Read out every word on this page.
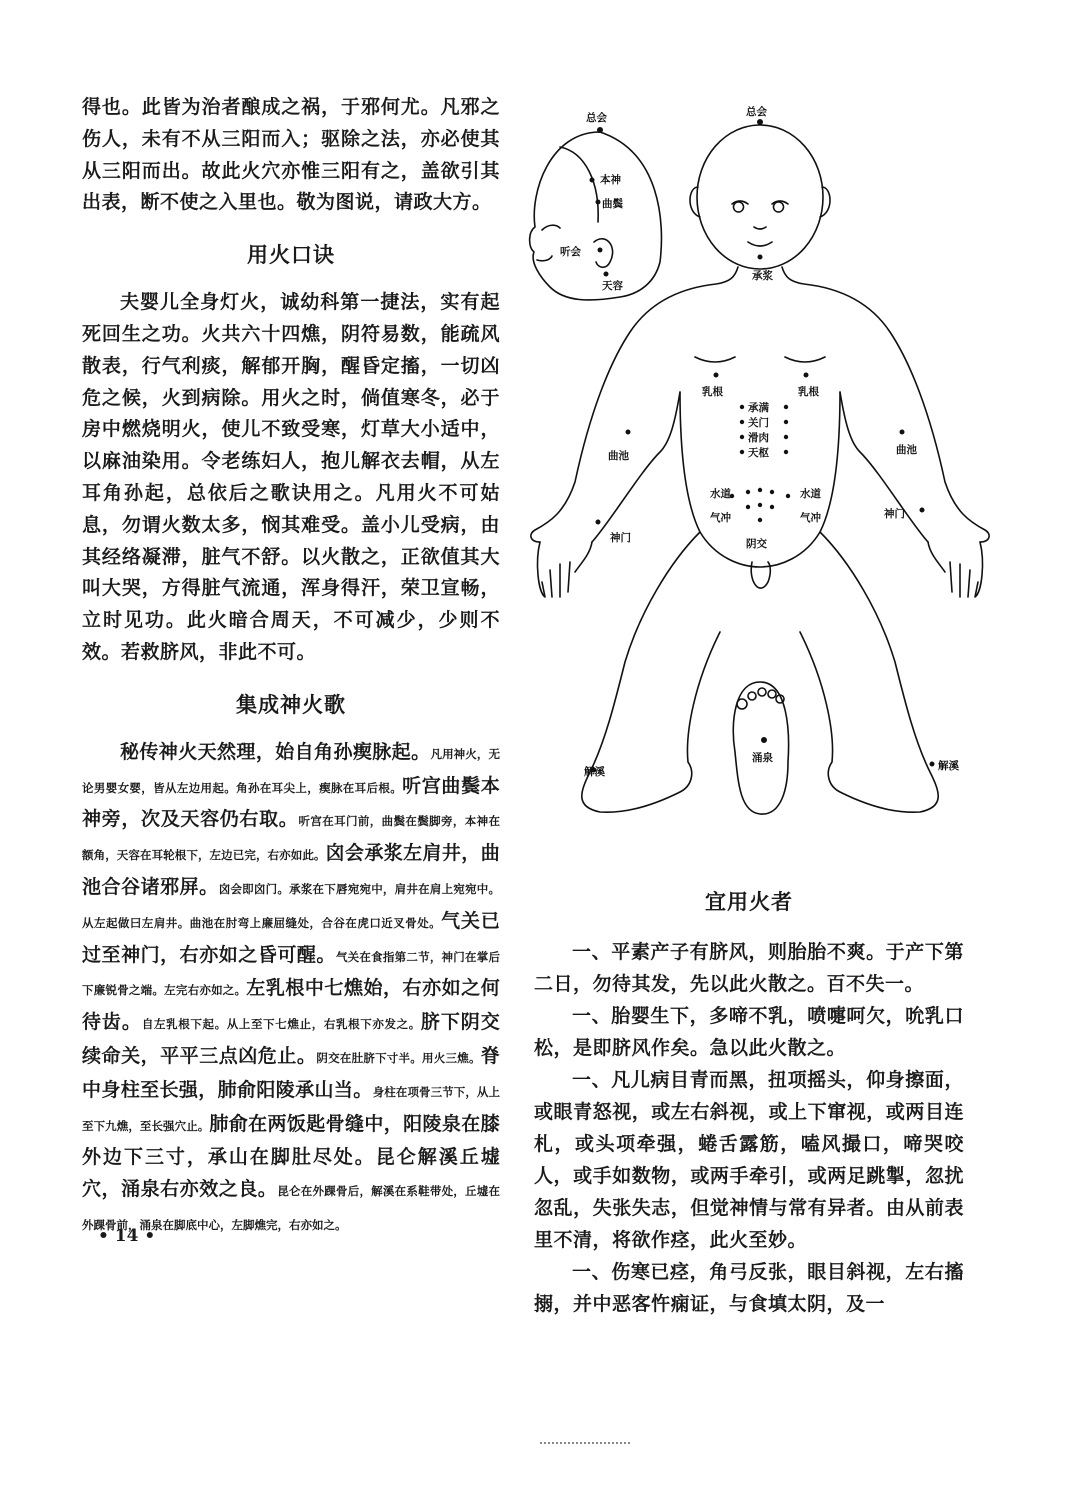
得也。此皆为治者酿成之祸，于邪何尤。凡邪之伤人，未有不从三阳而入；驱除之法，亦必使其从三阳而出。故此火穴亦惟三阳有之，盖欲引其出表，断不使之入里也。敬为图说，请政大方。

用火口诀

夫婴儿全身灯火，诚幼科第一捷法，实有起死回生之功。火共六十四燋，阴符易数，能疏风散表，行气利痰，解郁开胸，醒昏定搐，一切凶危之候，火到病除。用火之时，倘值寒冬，必于房中燃烧明火，使儿不致受寒，灯草大小适中，以麻油染用。令老练妇人，抱儿解衣去帽，从左耳角孙起，总依后之歌诀用之。凡用火不可姑息，勿谓火数太多，悯其难受。盖小儿受病，由其经络凝滞，脏气不舒。以火散之，正欲值其大叫大哭，方得脏气流通，浑身得汗，荣卫宣畅，立时见功。此火暗合周天，不可减少，少则不效。若救脐风，非此不可。

集成神火歌

秘传神火天然理，始自角孙瘈脉起。凡用神火，无论男婴女婴，皆从左边用起。角孙在耳尖上，瘈脉在耳后根。听宫曲鬓本神旁，次及天容仍右取。听宫在耳门前，曲鬓在鬓脚旁，本神在额角，天容在耳轮根下，左边已完，右亦如此。囟会承浆左肩井，曲池合谷诸邪屏。囟会即囟门。承浆在下唇宛宛中，肩井在肩上宛宛中。从左起做曰左肩井。曲池在肘弯上廉屈缝处，合谷在虎口近叉骨处。气关已过至神门，右亦如之昏可醒。气关在食指第二节，神门在掌后下廉锐骨之端。左完右亦如之。左乳根中七燋始，右亦如之何待齿。自左乳根下起。从上至下七燋止，右乳根下亦发之。脐下阴交续命关，平平三点凶危止。阴交在肚脐下寸半。用火三燋。脊中身柱至长强，肺俞阳陵承山当。身柱在项骨三节下，从上至下九燋，至长强穴止。肺俞在两饭匙骨缝中，阳陵泉在膝外边下三寸，承山在脚肚尽处。昆仑解溪丘墟穴，涌泉右亦效之良。昆仑在外踝骨后，解溪在系鞋带处，丘墟在外踝骨前，涌泉在脚底中心，左脚燋完，右亦如之。

总会	总会
本神
曲鬓
听会
天容
承浆
乳根	乳根
承满
关门
滑肉
天枢
曲池	曲池
水道	水道
气冲	气冲
神门
神门
阴交
涌泉
解溪	解溪
宜用火者

一、平素产子有脐风，则胎胎不爽。于产下第二日，勿待其发，先以此火散之。百不失一。

一、胎婴生下，多啼不乳，喷嚏呵欠，吮乳口松，是即脐风作矣。急以此火散之。

一、凡儿病目青而黑，扭项摇头，仰身擦面，或眼青怒视，或左右斜视，或上下窜视，或两目连札，或头项牵强，蜷舌露筋，嗑风撮口，啼哭咬人，或手如数物，或两手牵引，或两足跳掣，忽扰忽乱，失张失志，但觉神情与常有异者。由从前表里不清，将欲作痉，此火至妙。

一、伤寒已痉，角弓反张，眼目斜视，左右搐搦，并中恶客忤痫证，与食填太阴，及一

• 14 •
